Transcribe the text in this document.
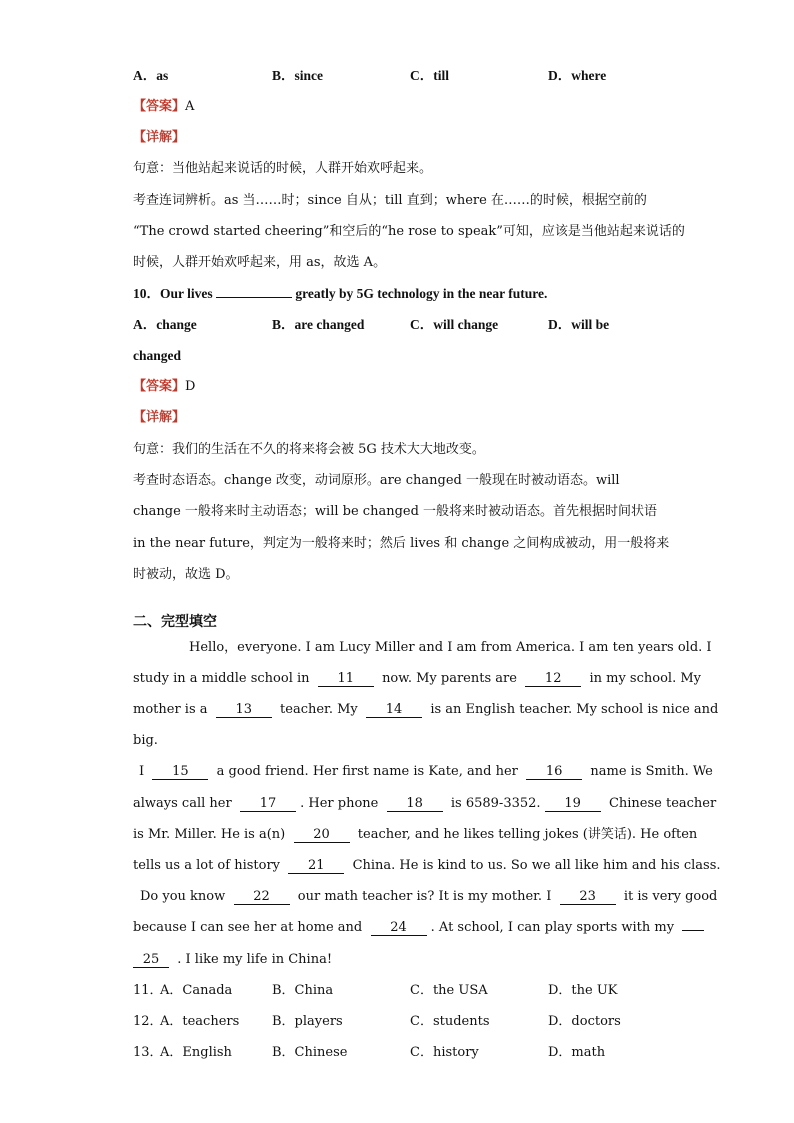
A．as	B．since	C．till	D．where
【答案】A
【详解】
句意：当他站起来说话的时候，人群开始欢呼起来。
考查连词辨析。as 当……时；since 自从；till 直到；where 在……的时候，根据空前的
“The crowd started cheering”和空后的“he rose to speak”可知，应该是当他站起来说话的
时候，人群开始欢呼起来，用 as，故选 A。
10．Our lives	greatly by 5G technology in the near future.
A．change	B．are changed	C．will change	D．will be
changed
【答案】D
【详解】
句意：我们的生活在不久的将来将会被 5G 技术大大地改变。
考查时态语态。change 改变，动词原形。are changed 一般现在时被动语态。will
change 一般将来时主动语态；will be changed 一般将来时被动语态。首先根据时间状语
in the near future，判定为一般将来时；然后 lives 和 change 之间构成被动，用一般将来
时被动，故选 D。
二、完型填空
Hello，everyone. I am Lucy Miller and I am from America. I am ten years old. I
study in a middle school in 11 now. My parents are 12 in my school. My
mother is a 13 teacher. My 14 is an English teacher. My school is nice and
big.
I 15 a good friend. Her first name is Kate, and her 16 name is Smith. We
always call her 17 . Her phone 18 is 6589-3352. 19 Chinese teacher
is Mr. Miller. He is a(n) 20 teacher, and he likes telling jokes (讲笑话). He often
tells us a lot of history 21 China. He is kind to us. So we all like him and his class.
Do you know 22 our math teacher is? It is my mother. I 23 it is very good
because I can see her at home and 24 . At school, I can play sports with my
25 . I like my life in China!
11．
A．Canada	B．China	C．the USA	D．the UK
12．
A．teachers	B．players	C．students	D．doctors
13．
A．English	B．Chinese	C．history	D．math
